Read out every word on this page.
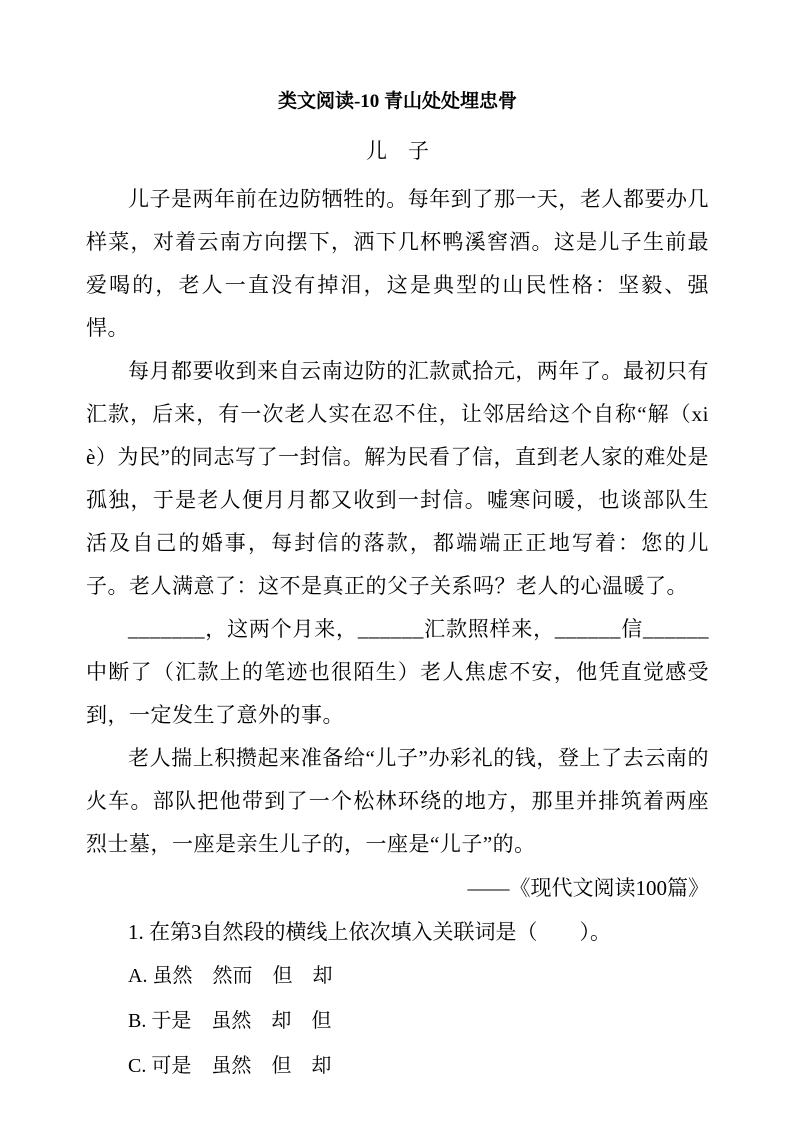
类文阅读-10 青山处处埋忠骨
儿　子

儿子是两年前在边防牺牲的。每年到了那一天，老人都要办几样菜，对着云南方向摆下，洒下几杯鸭溪窖酒。这是儿子生前最爱喝的，老人一直没有掉泪，这是典型的山民性格：坚毅、强悍。

每月都要收到来自云南边防的汇款贰拾元，两年了。最初只有汇款，后来，有一次老人实在忍不住，让邻居给这个自称“解（xi è）为民”的同志写了一封信。解为民看了信，直到老人家的难处是孤独，于是老人便月月都又收到一封信。嘘寒问暖，也谈部队生活及自己的婚事，每封信的落款，都端端正正地写着：您的儿子。老人满意了：这不是真正的父子关系吗？老人的心温暖了。

_______，这两个月来，______汇款照样来，______信______中断了（汇款上的笔迹也很陌生）老人焦虑不安，他凭直觉感受到，一定发生了意外的事。

老人揣上积攒起来准备给“儿子”办彩礼的钱，登上了去云南的火车。部队把他带到了一个松林环绕的地方，那里并排筑着两座烈士墓，一座是亲生儿子的，一座是“儿子”的。

——《现代文阅读100篇》

1. 在第3自然段的横线上依次填入关联词是（　　）。

A. 虽然　然而　但　却

B. 于是　虽然　却　但

C. 可是　虽然　但　却
